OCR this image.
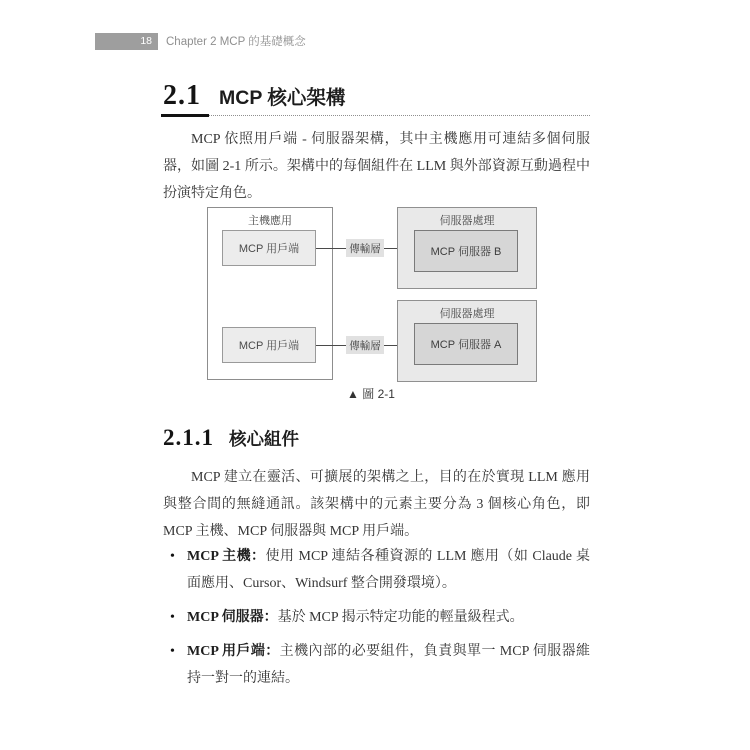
18 Chapter 2 MCP 的基礎概念
2.1 MCP 核心架構
MCP 依照用戶端 - 伺服器架構，其中主機應用可連結多個伺服器，如圖 2-1 所示。架構中的每個組件在 LLM 與外部資源互動過程中扮演特定角色。
主機應用
MCP 用戶端
MCP 用戶端
傳輸層
傳輸層
伺服器處理
MCP 伺服器 B
伺服器處理
MCP 伺服器 A
▲ 圖 2-1
2.1.1 核心組件
MCP 建立在靈活、可擴展的架構之上，目的在於實現 LLM 應用與整合間的無縫通訊。該架構中的元素主要分為 3 個核心角色，即 MCP 主機、MCP 伺服器與 MCP 用戶端。
• MCP 主機：使用 MCP 連結各種資源的 LLM 應用（如 Claude 桌面應用、Cursor、Windsurf 整合開發環境）。
• MCP 伺服器：基於 MCP 揭示特定功能的輕量級程式。
• MCP 用戶端：主機內部的必要組件，負責與單一 MCP 伺服器維持一對一的連結。
